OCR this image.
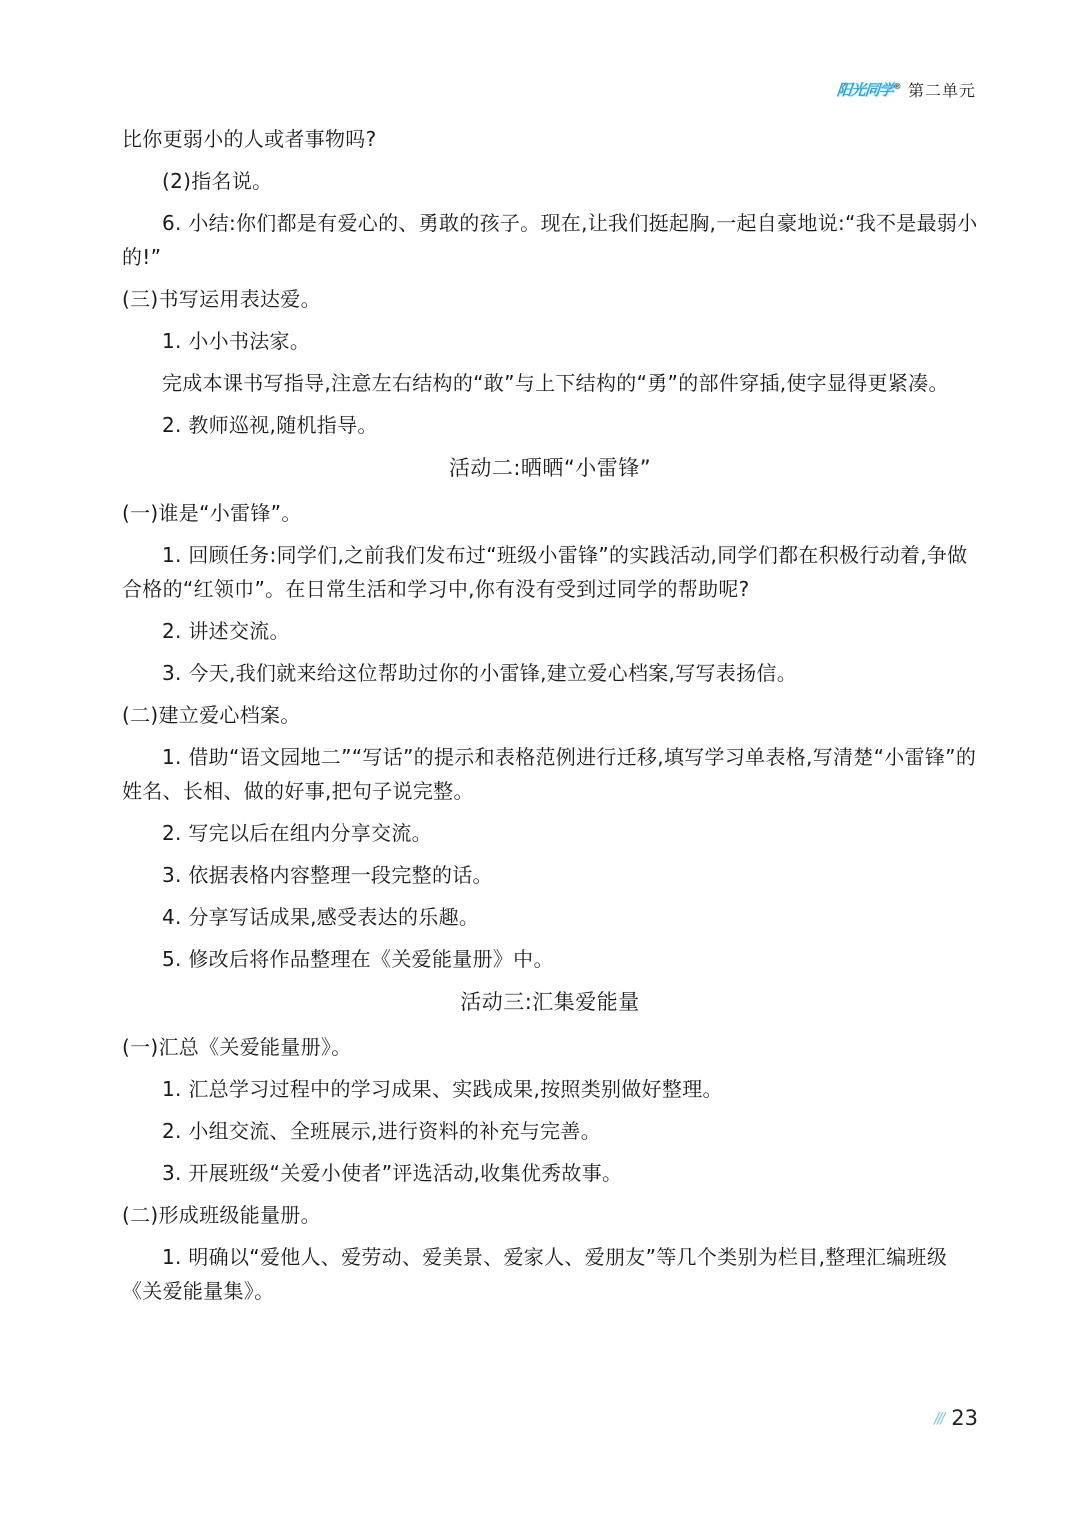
阳光同学® 第二单元

比你更弱小的人或者事物吗?

(2)指名说。

6. 小结:你们都是有爱心的、勇敢的孩子。现在,让我们挺起胸,一起自豪地说:“我不是最弱小的!”

(三)书写运用表达爱。

1. 小小书法家。

完成本课书写指导,注意左右结构的“敢”与上下结构的“勇”的部件穿插,使字显得更紧凑。

2. 教师巡视,随机指导。

活动二:晒晒“小雷锋”

(一)谁是“小雷锋”。

1. 回顾任务:同学们,之前我们发布过“班级小雷锋”的实践活动,同学们都在积极行动着,争做合格的“红领巾”。在日常生活和学习中,你有没有受到过同学的帮助呢?

2. 讲述交流。

3. 今天,我们就来给这位帮助过你的小雷锋,建立爱心档案,写写表扬信。

(二)建立爱心档案。

1. 借助“语文园地二”“写话”的提示和表格范例进行迁移,填写学习单表格,写清楚“小雷锋”的姓名、长相、做的好事,把句子说完整。

2. 写完以后在组内分享交流。

3. 依据表格内容整理一段完整的话。

4. 分享写话成果,感受表达的乐趣。

5. 修改后将作品整理在《关爱能量册》中。

活动三:汇集爱能量

(一)汇总《关爱能量册》。

1. 汇总学习过程中的学习成果、实践成果,按照类别做好整理。

2. 小组交流、全班展示,进行资料的补充与完善。

3. 开展班级“关爱小使者”评选活动,收集优秀故事。

(二)形成班级能量册。

1. 明确以“爱他人、爱劳动、爱美景、爱家人、爱朋友”等几个类别为栏目,整理汇编班级《关爱能量集》。

/// 23
